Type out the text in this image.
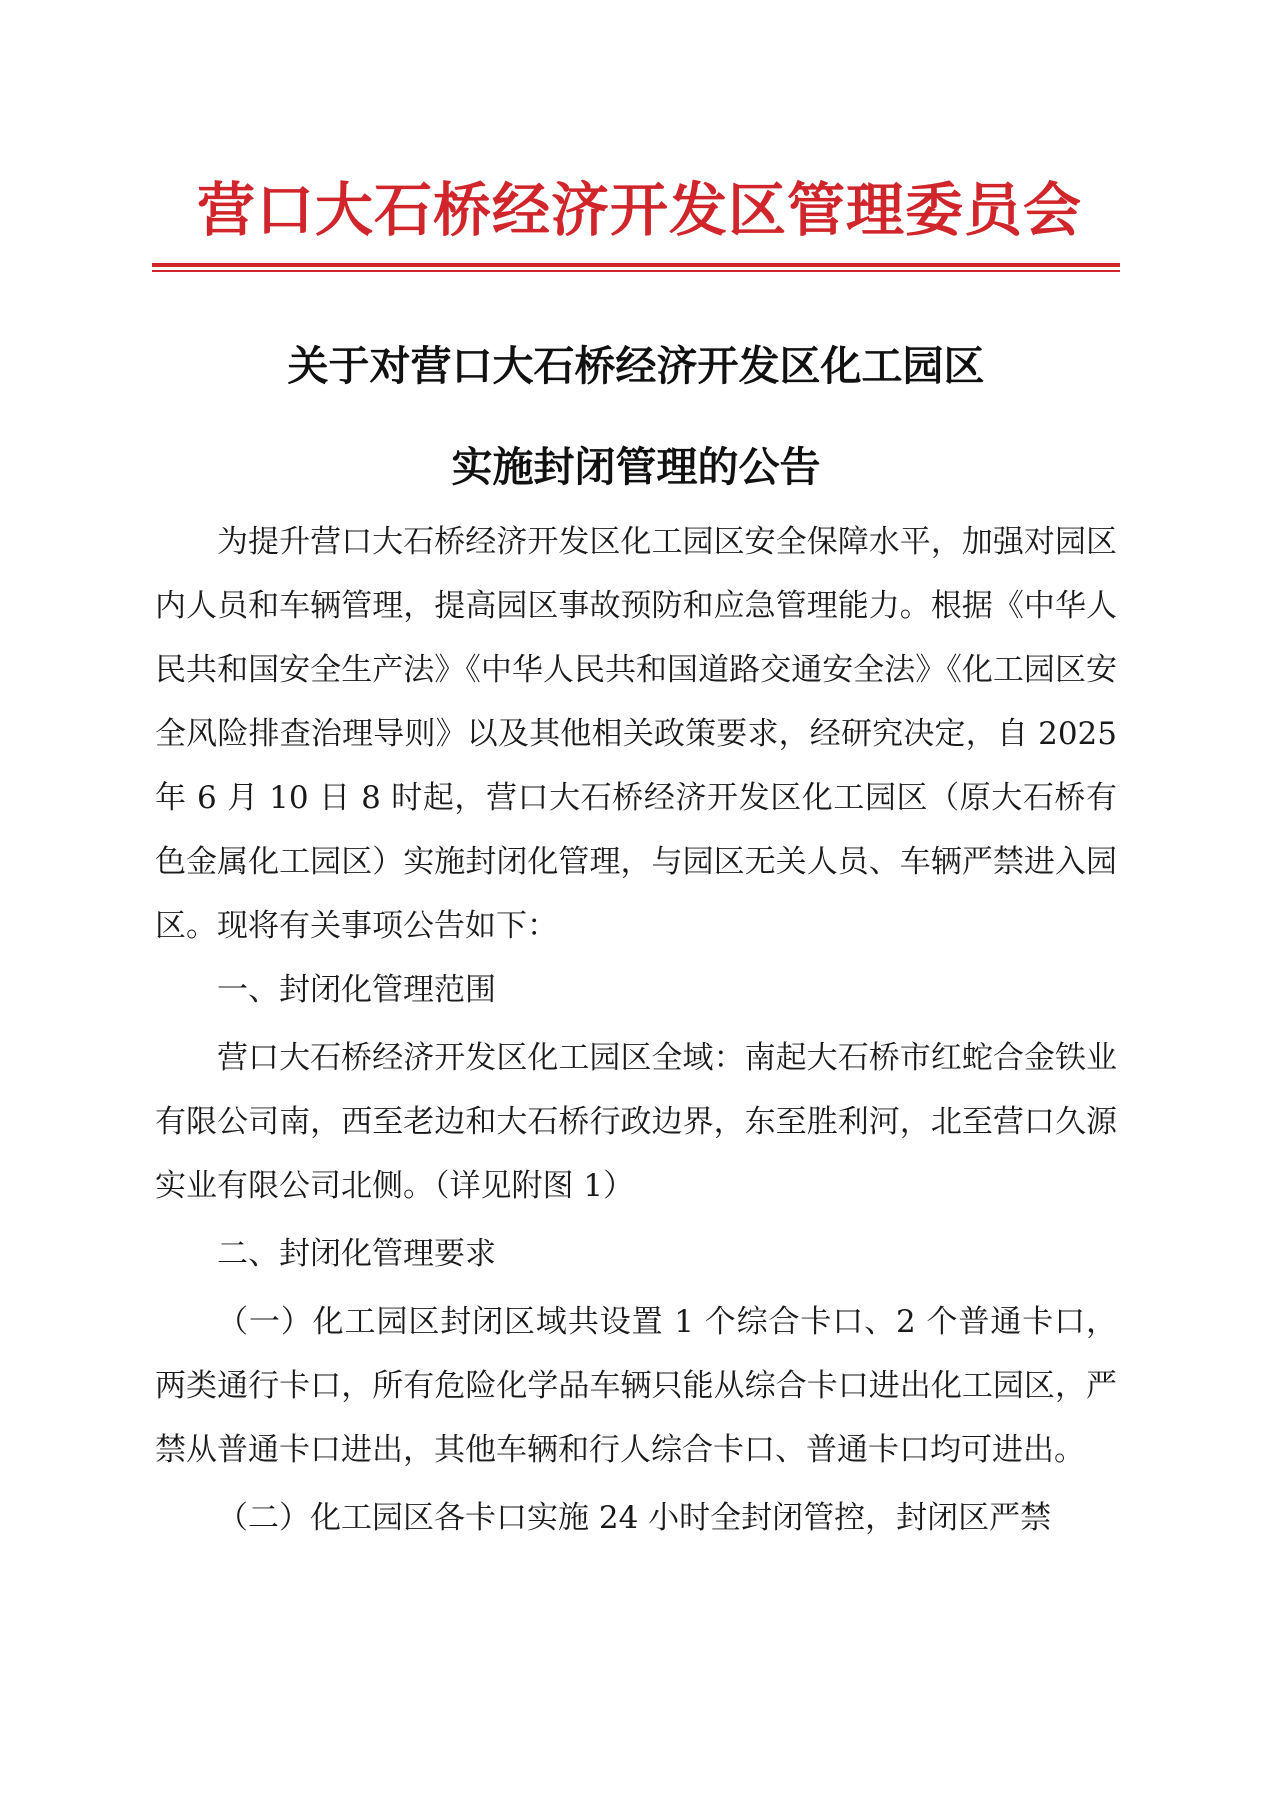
营口大石桥经济开发区管理委员会
关于对营口大石桥经济开发区化工园区
实施封闭管理的公告

为提升营口大石桥经济开发区化工园区安全保障水平，加强对园区内人员和车辆管理，提高园区事故预防和应急管理能力。根据《中华人民共和国安全生产法》《中华人民共和国道路交通安全法》《化工园区安全风险排查治理导则》以及其他相关政策要求，经研究决定，自 2025 年 6 月 10 日 8 时起，营口大石桥经济开发区化工园区（原大石桥有色金属化工园区）实施封闭化管理，与园区无关人员、车辆严禁进入园区。现将有关事项公告如下：

一、封闭化管理范围

营口大石桥经济开发区化工园区全域：南起大石桥市红蛇合金铁业有限公司南，西至老边和大石桥行政边界，东至胜利河，北至营口久源实业有限公司北侧。（详见附图 1）

二、封闭化管理要求

（一）化工园区封闭区域共设置 1 个综合卡口、2 个普通卡口，两类通行卡口，所有危险化学品车辆只能从综合卡口进出化工园区，严禁从普通卡口进出，其他车辆和行人综合卡口、普通卡口均可进出。

（二）化工园区各卡口实施 24 小时全封闭管控，封闭区严禁
